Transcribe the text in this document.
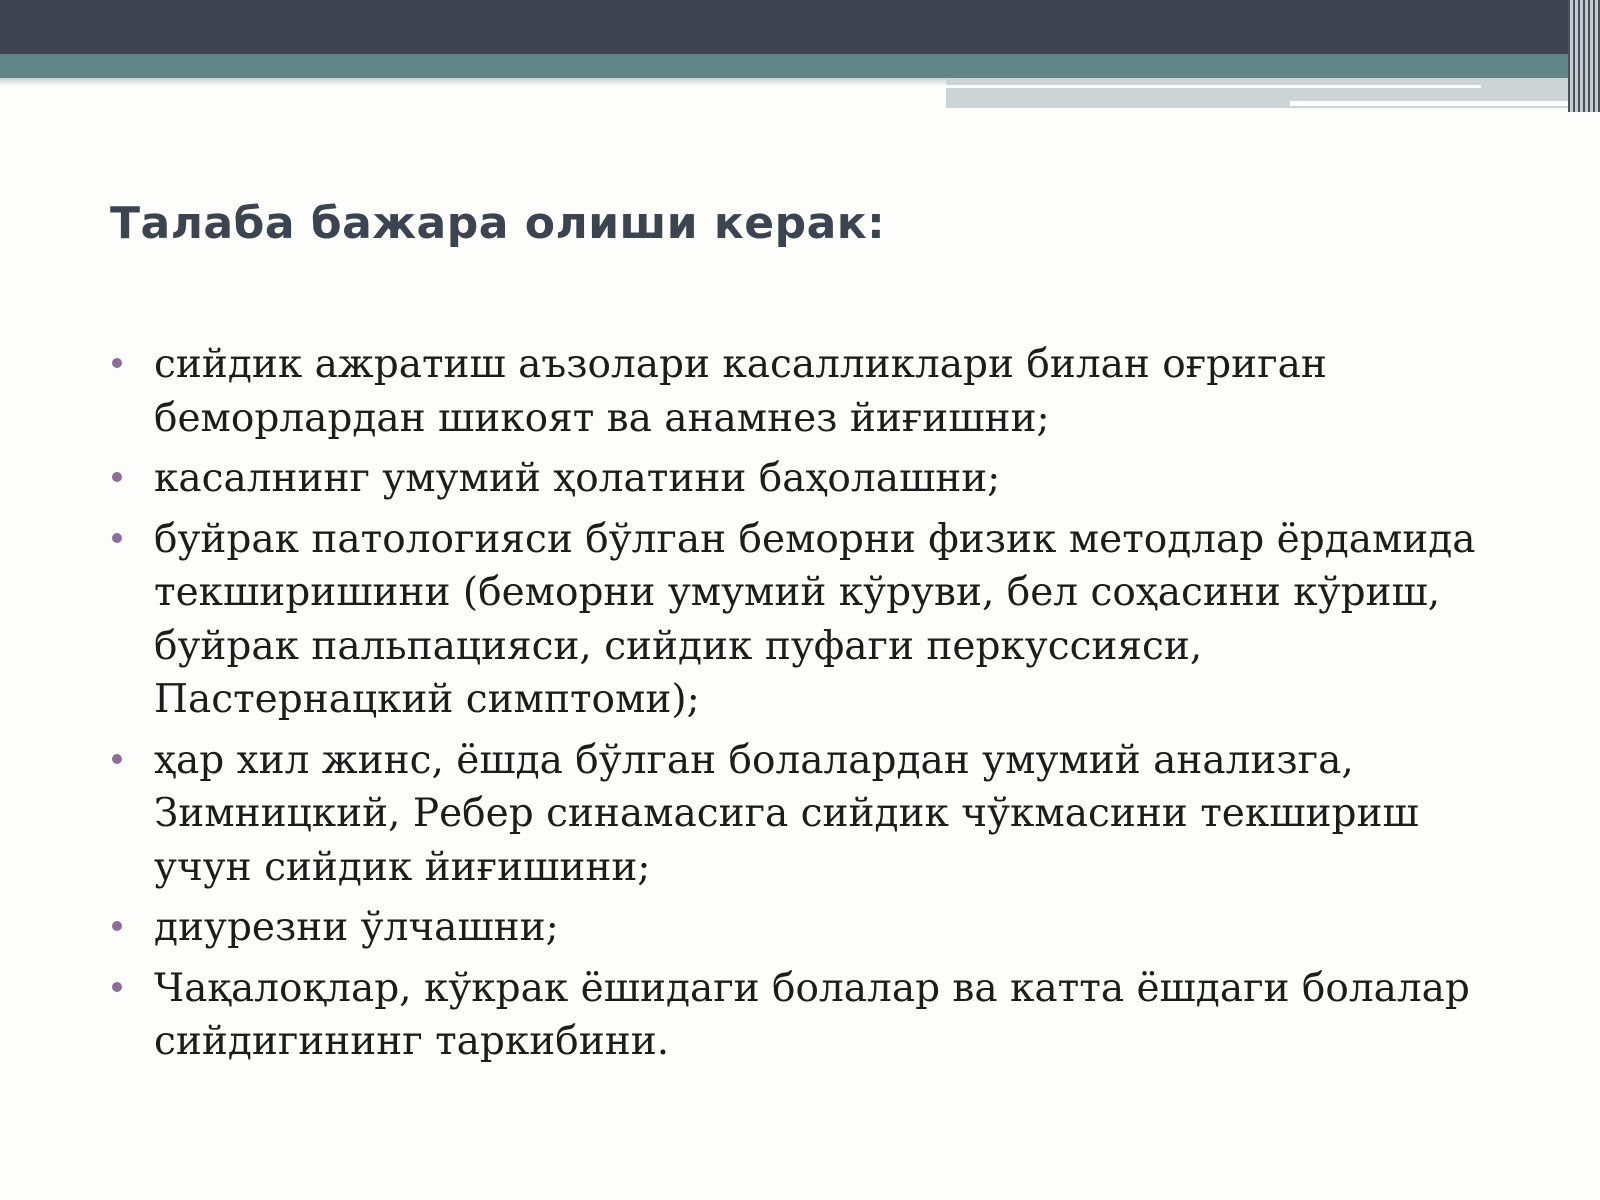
Талаба бажара олиши керак:
сийдик ажратиш аъзолари касалликлари билан оғриган беморлардан шикоят ва анамнез йиғишни;
касалнинг умумий ҳолатини баҳолашни;
буйрак патологияси бўлган беморни физик методлар ёрдамида текширишини (беморни умумий кўруви, бел соҳасини кўриш, буйрак пальпацияси, сийдик пуфаги перкуссияси, Пастернацкий симптоми);
ҳар хил жинс, ёшда бўлган болалардан умумий анализга, Зимницкий, Ребер синамасига сийдик чўкмасини текшириш учун сийдик йиғишини;
диурезни ўлчашни;
Чақалоқлар, кўкрак ёшидаги болалар ва катта ёшдаги болалар сийдигининг таркибини.
